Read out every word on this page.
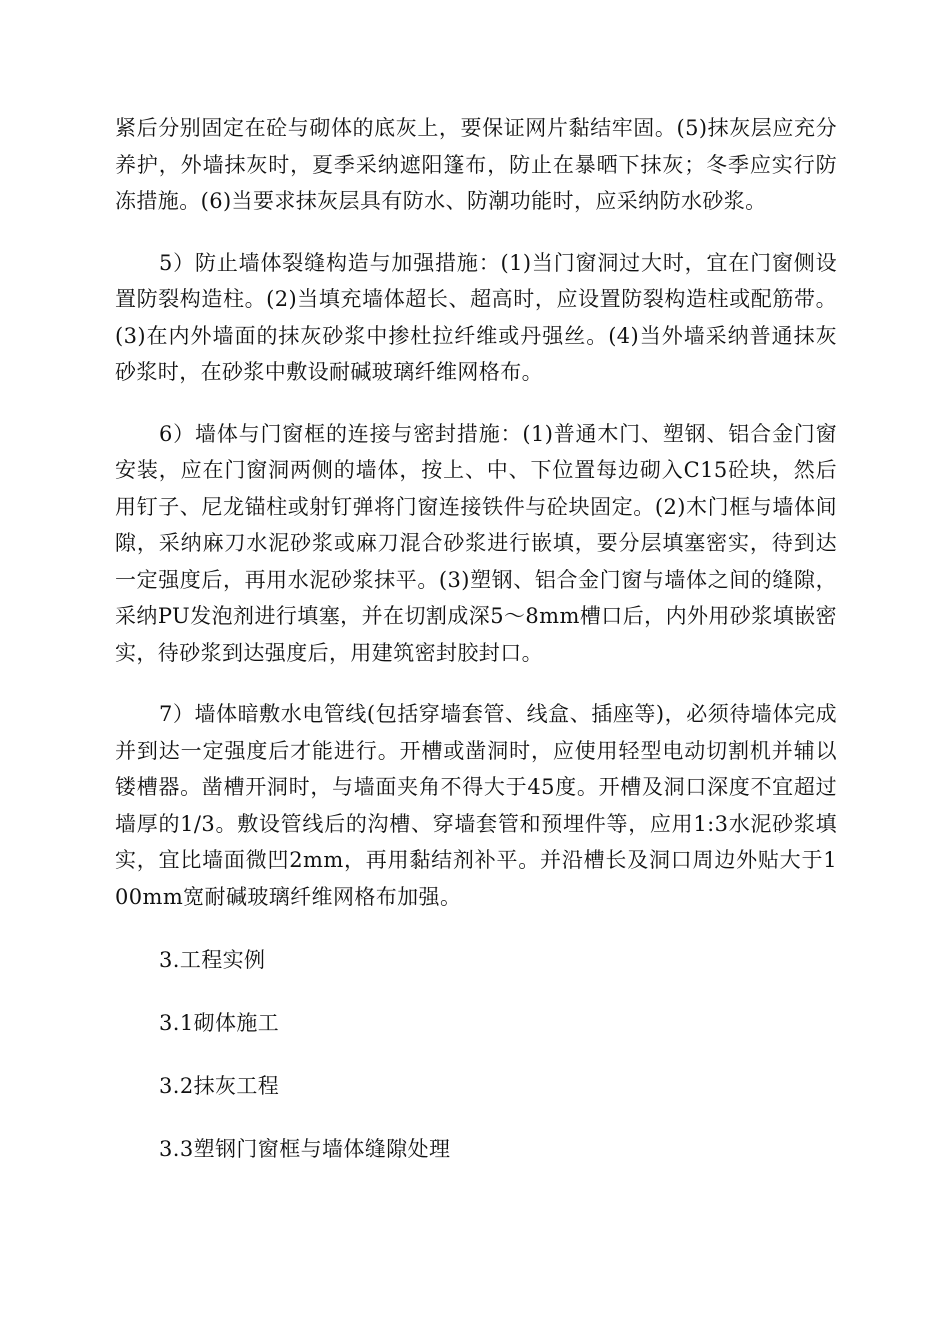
紧后分别固定在砼与砌体的底灰上，要保证网片黏结牢固。(5)抹灰层应充分养护，外墙抹灰时，夏季采纳遮阳篷布，防止在暴晒下抹灰；冬季应实行防冻措施。(6)当要求抹灰层具有防水、防潮功能时，应采纳防水砂浆。

5）防止墙体裂缝构造与加强措施：(1)当门窗洞过大时，宜在门窗侧设置防裂构造柱。(2)当填充墙体超长、超高时，应设置防裂构造柱或配筋带。(3)在内外墙面的抹灰砂浆中掺杜拉纤维或丹强丝。(4)当外墙采纳普通抹灰砂浆时，在砂浆中敷设耐碱玻璃纤维网格布。

6）墙体与门窗框的连接与密封措施：(1)普通木门、塑钢、铝合金门窗安装，应在门窗洞两侧的墙体，按上、中、下位置每边砌入C15砼块，然后用钉子、尼龙锚柱或射钉弹将门窗连接铁件与砼块固定。(2)木门框与墙体间隙，采纳麻刀水泥砂浆或麻刀混合砂浆进行嵌填，要分层填塞密实，待到达一定强度后，再用水泥砂浆抹平。(3)塑钢、铝合金门窗与墙体之间的缝隙，采纳PU发泡剂进行填塞，并在切割成深5～8mm槽口后，内外用砂浆填嵌密实，待砂浆到达强度后，用建筑密封胶封口。

7）墙体暗敷水电管线(包括穿墙套管、线盒、插座等)，必须待墙体完成并到达一定强度后才能进行。开槽或凿洞时，应使用轻型电动切割机并辅以镂槽器。凿槽开洞时，与墙面夹角不得大于45度。开槽及洞口深度不宜超过墙厚的1/3。敷设管线后的沟槽、穿墙套管和预埋件等，应用1:3水泥砂浆填实，宜比墙面微凹2mm，再用黏结剂补平。并沿槽长及洞口周边外贴大于100mm宽耐碱玻璃纤维网格布加强。

3.工程实例

3.1砌体施工

3.2抹灰工程

3.3塑钢门窗框与墙体缝隙处理
